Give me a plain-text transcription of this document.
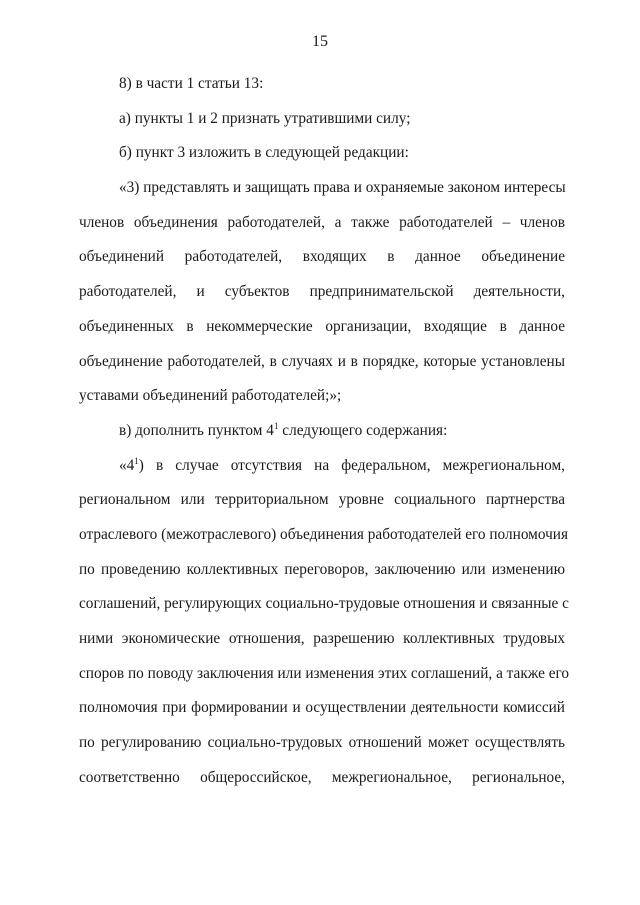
15
8) в части 1 статьи 13:
а) пункты 1 и 2 признать утратившими силу;
б) пункт 3 изложить в следующей редакции:
«3) представлять и защищать права и охраняемые законом интересы
членов объединения работодателей, а также работодателей – членов
объединений работодателей, входящих в данное объединение
работодателей, и субъектов предпринимательской деятельности,
объединенных в некоммерческие организации, входящие в данное
объединение работодателей, в случаях и в порядке, которые установлены
уставами объединений работодателей;»;
в) дополнить пунктом $4^1$ следующего содержания:
«$4^1$) в случае отсутствия на федеральном, межрегиональном,
региональном или территориальном уровне социального партнерства
отраслевого (межотраслевого) объединения работодателей его полномочия
по проведению коллективных переговоров, заключению или изменению
соглашений, регулирующих социально-трудовые отношения и связанные с
ними экономические отношения, разрешению коллективных трудовых
споров по поводу заключения или изменения этих соглашений, а также его
полномочия при формировании и осуществлении деятельности комиссий
по регулированию социально-трудовых отношений может осуществлять
соответственно общероссийское, межрегиональное, региональное,
